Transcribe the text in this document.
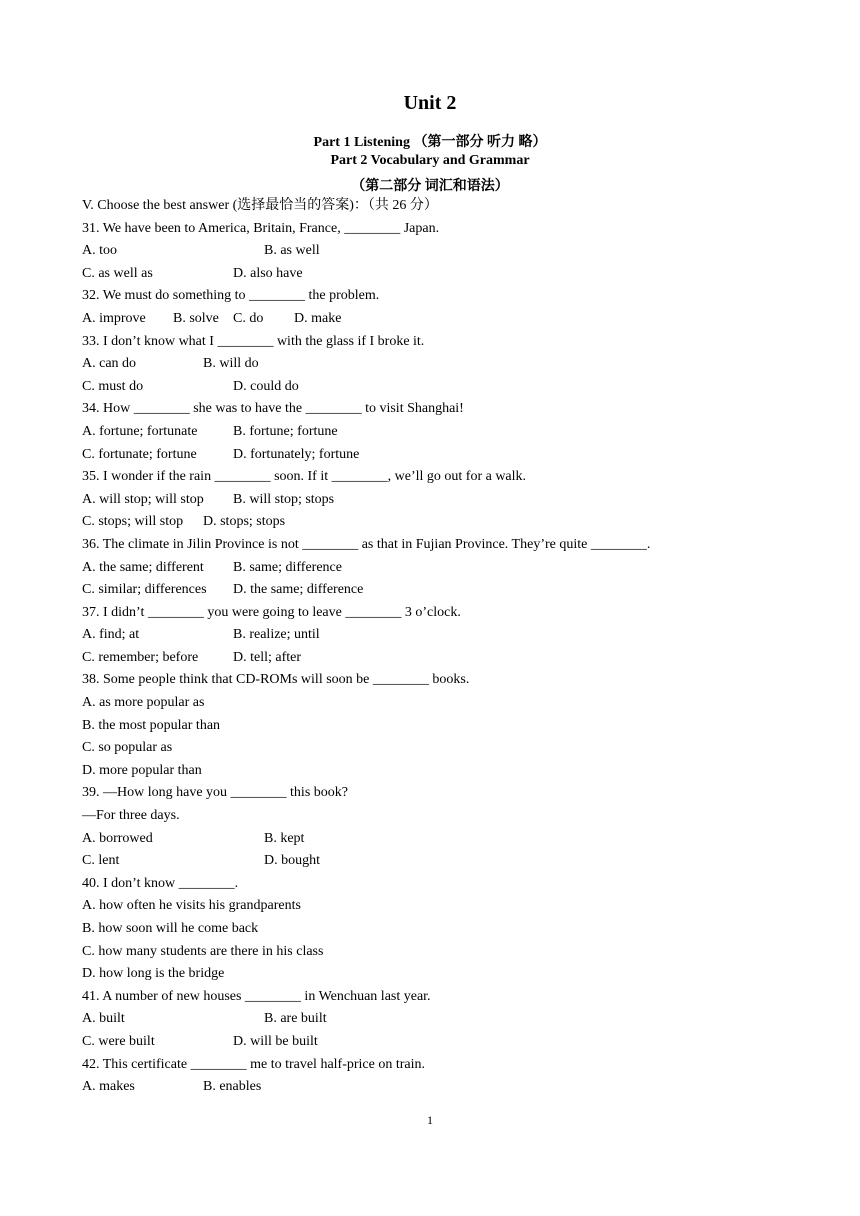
Unit 2
Part 1 Listening （第一部分 听力 略）
Part 2 Vocabulary and Grammar
（第二部分 词汇和语法）
V. Choose the best answer (选择最恰当的答案)：（共 26 分）
31. We have been to America, Britain, France, ________ Japan.
A. too	B. as well
C. as well as	D. also have
32. We must do something to ________ the problem.
A. improve B. solve C. do D. make
33. I don’t know what I ________ with the glass if I broke it.
A. can do	B. will do
C. must do	D. could do
34. How ________ she was to have the ________ to visit Shanghai!
A. fortune; fortunate	B. fortune; fortune
C. fortunate; fortune	D. fortunately; fortune
35. I wonder if the rain ________ soon. If it ________, we’ll go out for a walk.
A. will stop; will stop B. will stop; stops
C. stops; will stop D. stops; stops
36. The climate in Jilin Province is not ________ as that in Fujian Province. They’re quite ________.
A. the same; different B. same; difference
C. similar; differences D. the same; difference
37. I didn’t ________ you were going to leave ________ 3 o’clock.
A. find; at	B. realize; until
C. remember; before D. tell; after
38. Some people think that CD-ROMs will soon be ________ books.
A. as more popular as
B. the most popular than
C. so popular as
D. more popular than
39. —How long have you ________ this book?
—For three days.
A. borrowed	B. kept
C. lent	D. bought
40. I don’t know ________.
A. how often he visits his grandparents
B. how soon will he come back
C. how many students are there in his class
D. how long is the bridge
41. A number of new houses ________ in Wenchuan last year.
A. built	B. are built
C. were built	D. will be built
42. This certificate ________ me to travel half-price on train.
A. makes	B. enables
1
